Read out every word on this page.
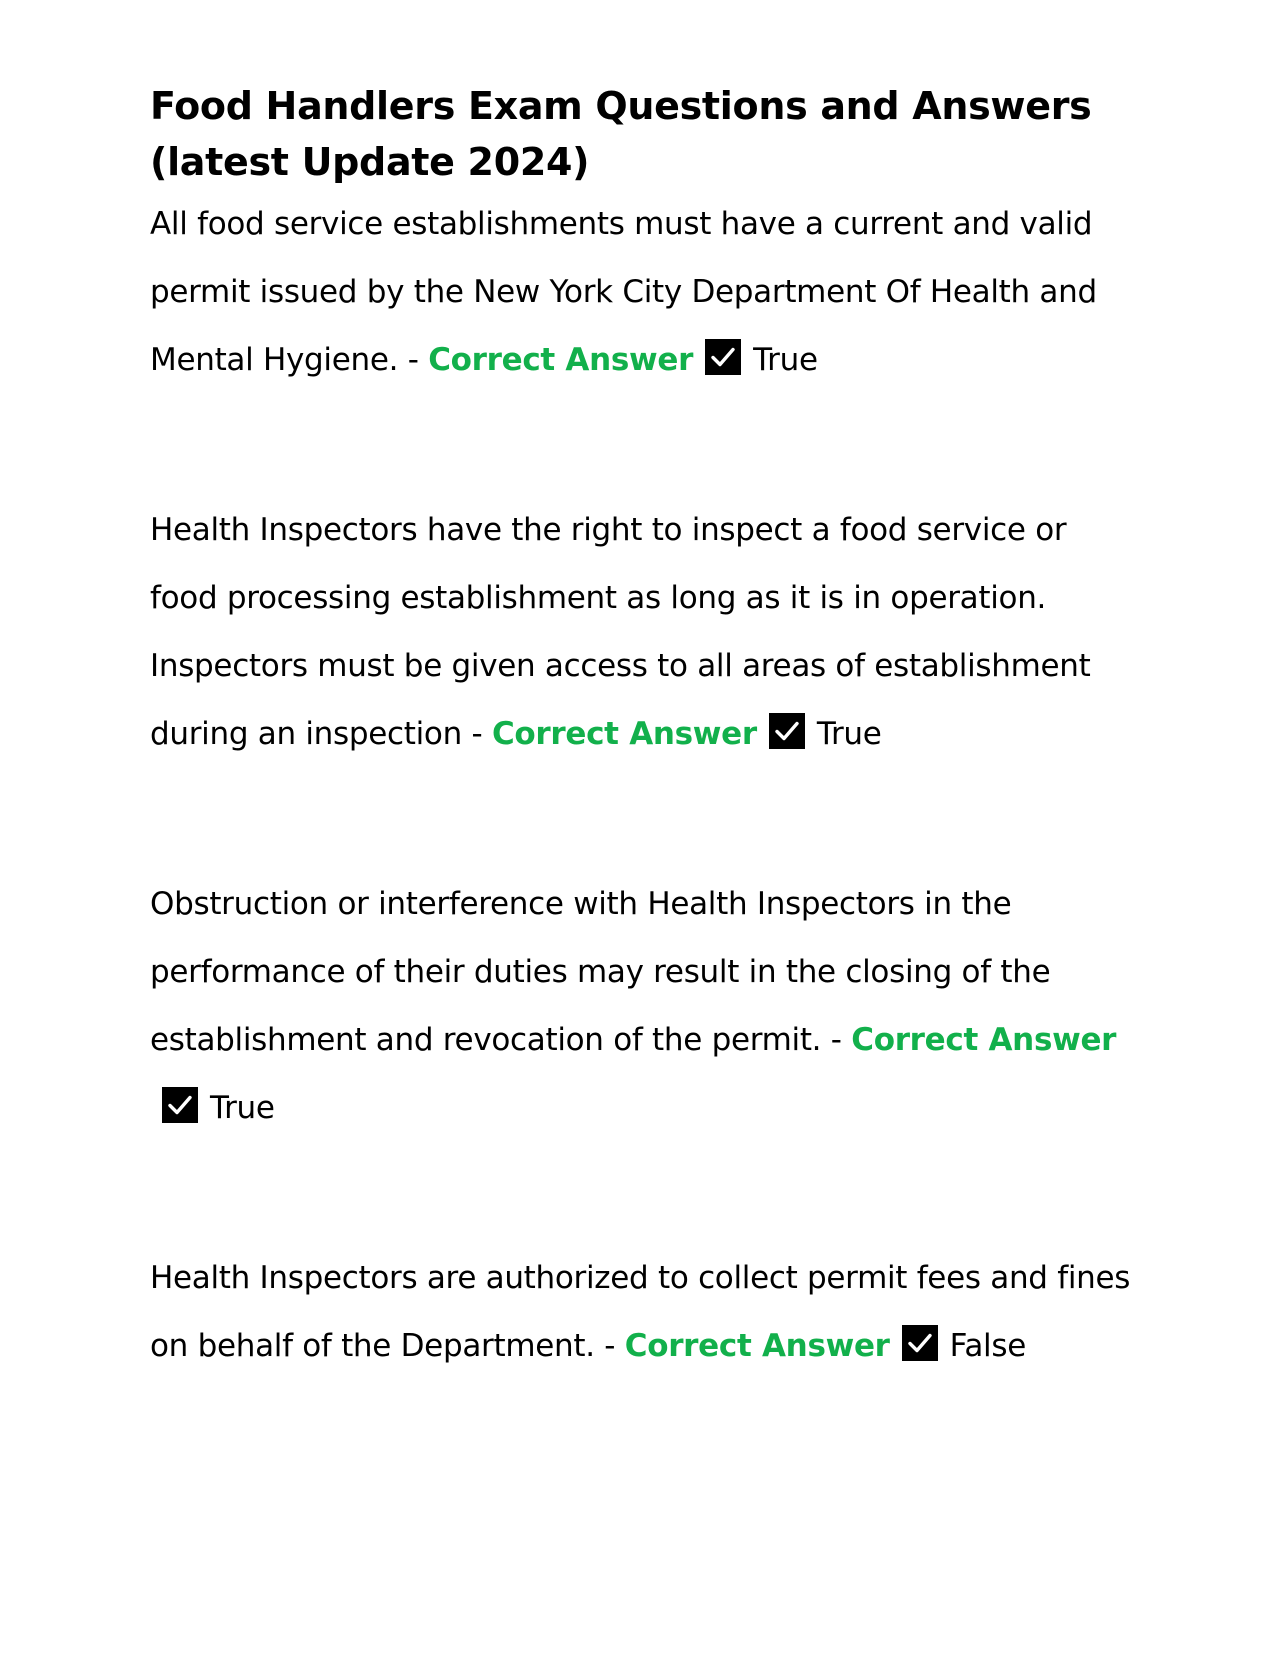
Food Handlers Exam Questions and Answers (latest Update 2024)

All food service establishments must have a current and valid permit issued by the New York City Department Of Health and Mental Hygiene. - Correct Answer True

Health Inspectors have the right to inspect a food service or food processing establishment as long as it is in operation. Inspectors must be given access to all areas of establishment during an inspection - Correct Answer True

Obstruction or interference with Health Inspectors in the performance of their duties may result in the closing of the establishment and revocation of the permit. - Correct Answer
True

Health Inspectors are authorized to collect permit fees and fines on behalf of the Department. - Correct Answer False
